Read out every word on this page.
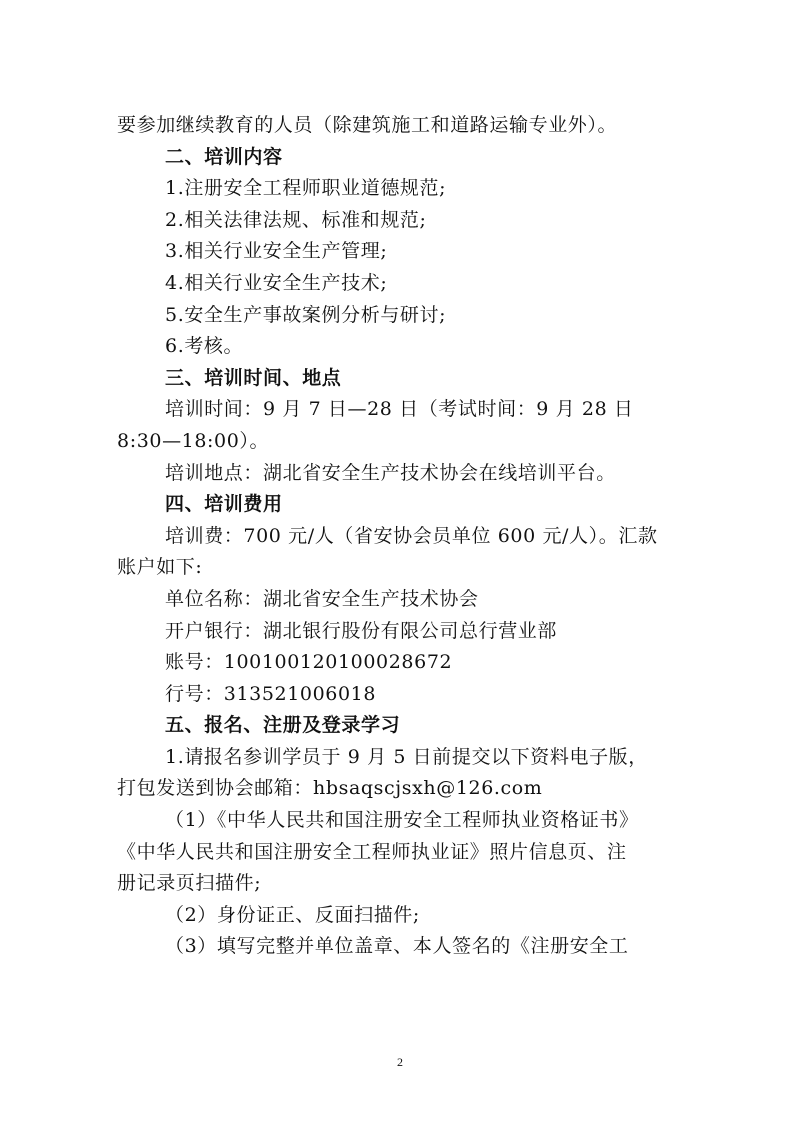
要参加继续教育的人员（除建筑施工和道路运输专业外）。
二、培训内容
1.注册安全工程师职业道德规范;
2.相关法律法规、标准和规范;
3.相关行业安全生产管理;
4.相关行业安全生产技术;
5.安全生产事故案例分析与研讨;
6.考核。
三、培训时间、地点
培训时间：9 月 7 日—28 日（考试时间：9 月 28 日
8:30—18:00）。
培训地点：湖北省安全生产技术协会在线培训平台。
四、培训费用
培训费：700 元/人（省安协会员单位 600 元/人）。汇款
账户如下:
单位名称：湖北省安全生产技术协会
开户银行：湖北银行股份有限公司总行营业部
账号：100100120100028672
行号：313521006018
五、报名、注册及登录学习
1.请报名参训学员于 9 月 5 日前提交以下资料电子版，
打包发送到协会邮箱：hbsaqscjsxh@126.com
（1）《中华人民共和国注册安全工程师执业资格证书》
《中华人民共和国注册安全工程师执业证》照片信息页、注
册记录页扫描件;
（2）身份证正、反面扫描件;
（3）填写完整并单位盖章、本人签名的《注册安全工
2
